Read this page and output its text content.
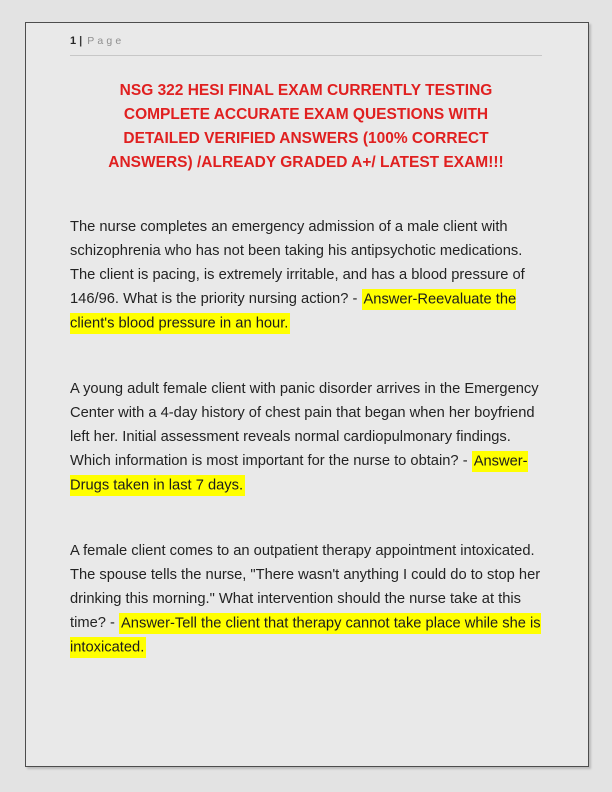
1 | Page
NSG 322 HESI FINAL EXAM CURRENTLY TESTING
COMPLETE ACCURATE EXAM QUESTIONS WITH
DETAILED VERIFIED ANSWERS (100% CORRECT
ANSWERS) /ALREADY GRADED A+/ LATEST EXAM!!!

The nurse completes an emergency admission of a male client with schizophrenia who has not been taking his antipsychotic medications. The client is pacing, is extremely irritable, and has a blood pressure of 146/96. What is the priority nursing action? - Answer-Reevaluate the client's blood pressure in an hour.

A young adult female client with panic disorder arrives in the Emergency Center with a 4-day history of chest pain that began when her boyfriend left her. Initial assessment reveals normal cardiopulmonary findings. Which information is most important for the nurse to obtain? - Answer-Drugs taken in last 7 days.

A female client comes to an outpatient therapy appointment intoxicated. The spouse tells the nurse, "There wasn't anything I could do to stop her drinking this morning." What intervention should the nurse take at this time? - Answer-Tell the client that therapy cannot take place while she is intoxicated.
